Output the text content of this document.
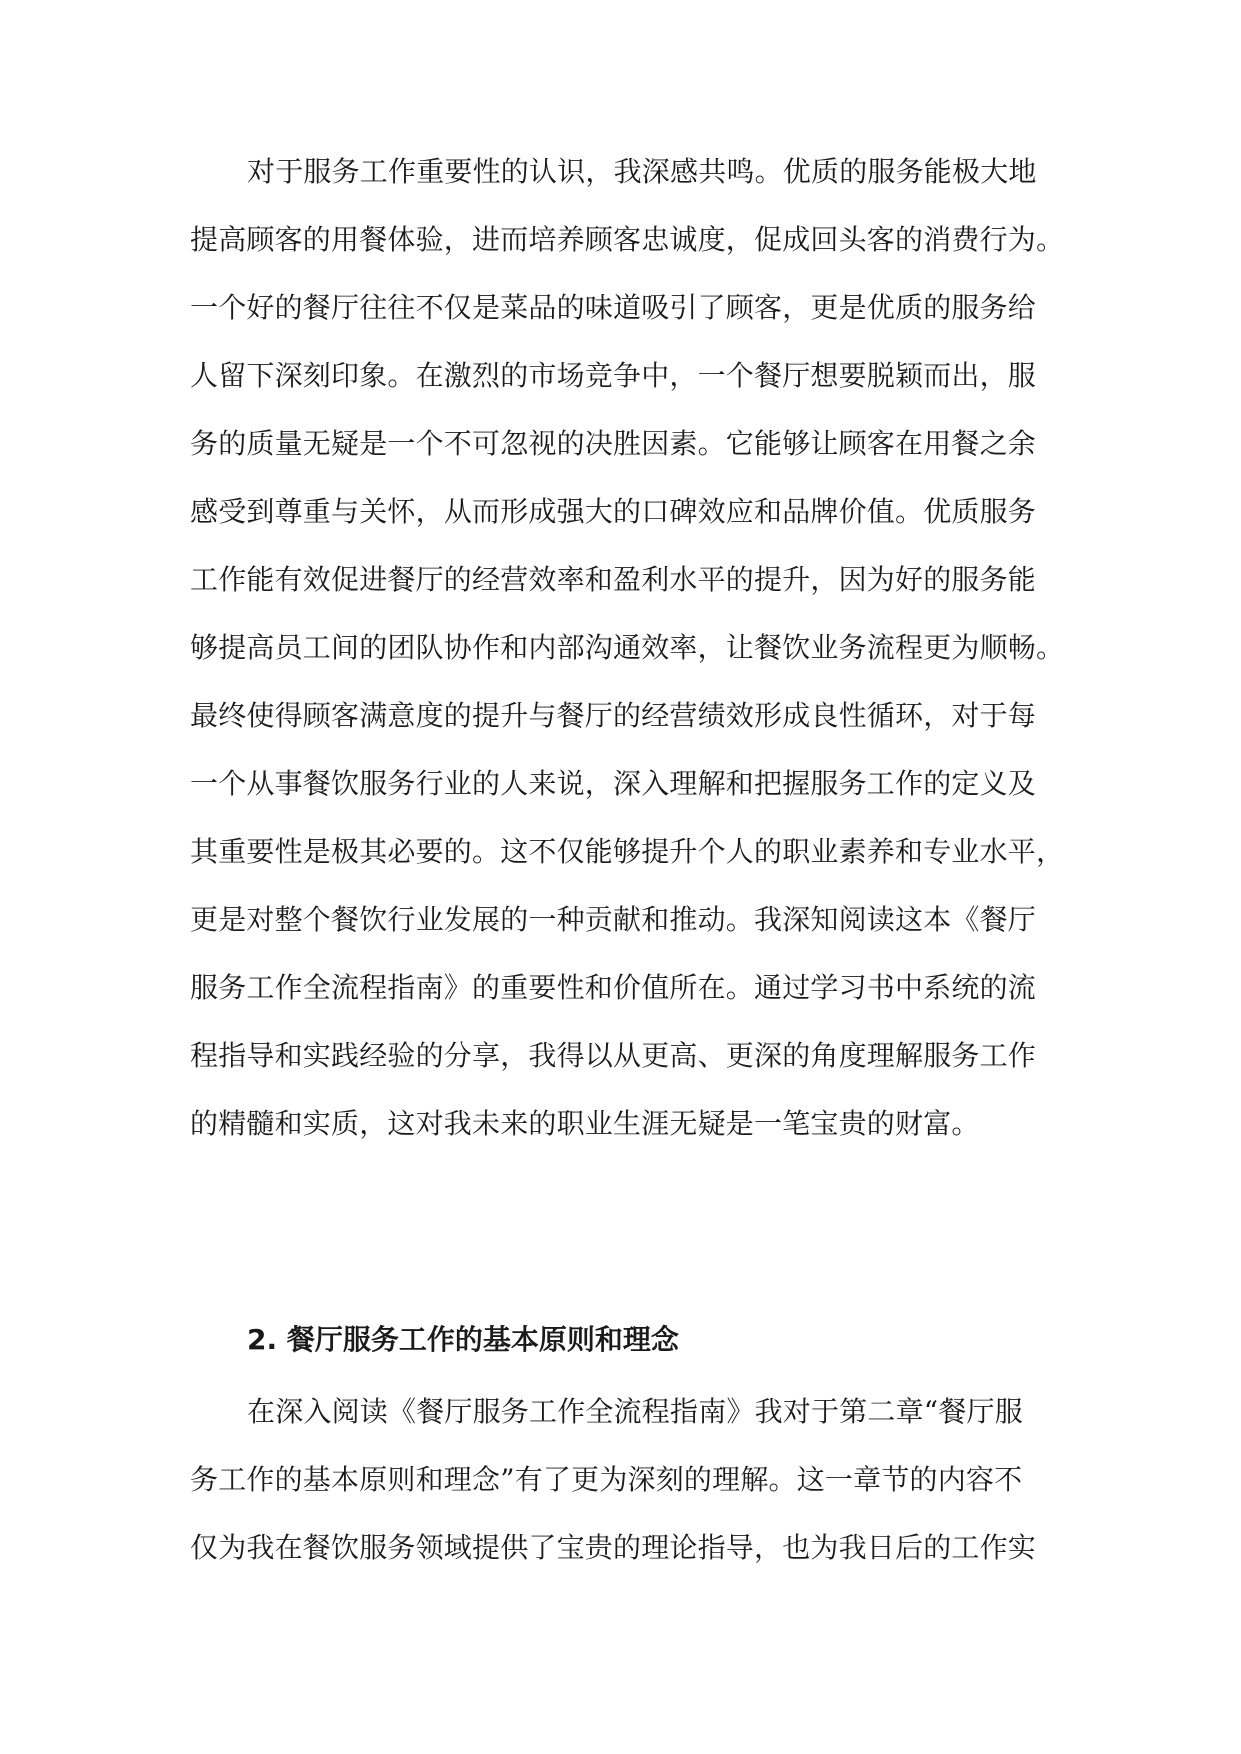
对于服务工作重要性的认识，我深感共鸣。优质的服务能极大地
提高顾客的用餐体验，进而培养顾客忠诚度，促成回头客的消费行为。
一个好的餐厅往往不仅是菜品的味道吸引了顾客，更是优质的服务给
人留下深刻印象。在激烈的市场竞争中，一个餐厅想要脱颖而出，服
务的质量无疑是一个不可忽视的决胜因素。它能够让顾客在用餐之余
感受到尊重与关怀，从而形成强大的口碑效应和品牌价值。优质服务
工作能有效促进餐厅的经营效率和盈利水平的提升，因为好的服务能
够提高员工间的团队协作和内部沟通效率，让餐饮业务流程更为顺畅。
最终使得顾客满意度的提升与餐厅的经营绩效形成良性循环，对于每
一个从事餐饮服务行业的人来说，深入理解和把握服务工作的定义及
其重要性是极其必要的。这不仅能够提升个人的职业素养和专业水平，
更是对整个餐饮行业发展的一种贡献和推动。我深知阅读这本《餐厅
服务工作全流程指南》的重要性和价值所在。通过学习书中系统的流
程指导和实践经验的分享，我得以从更高、更深的角度理解服务工作
的精髓和实质，这对我未来的职业生涯无疑是一笔宝贵的财富。
2. 餐厅服务工作的基本原则和理念
在深入阅读《餐厅服务工作全流程指南》我对于第二章“餐厅服
务工作的基本原则和理念”有了更为深刻的理解。这一章节的内容不
仅为我在餐饮服务领域提供了宝贵的理论指导，也为我日后的工作实
